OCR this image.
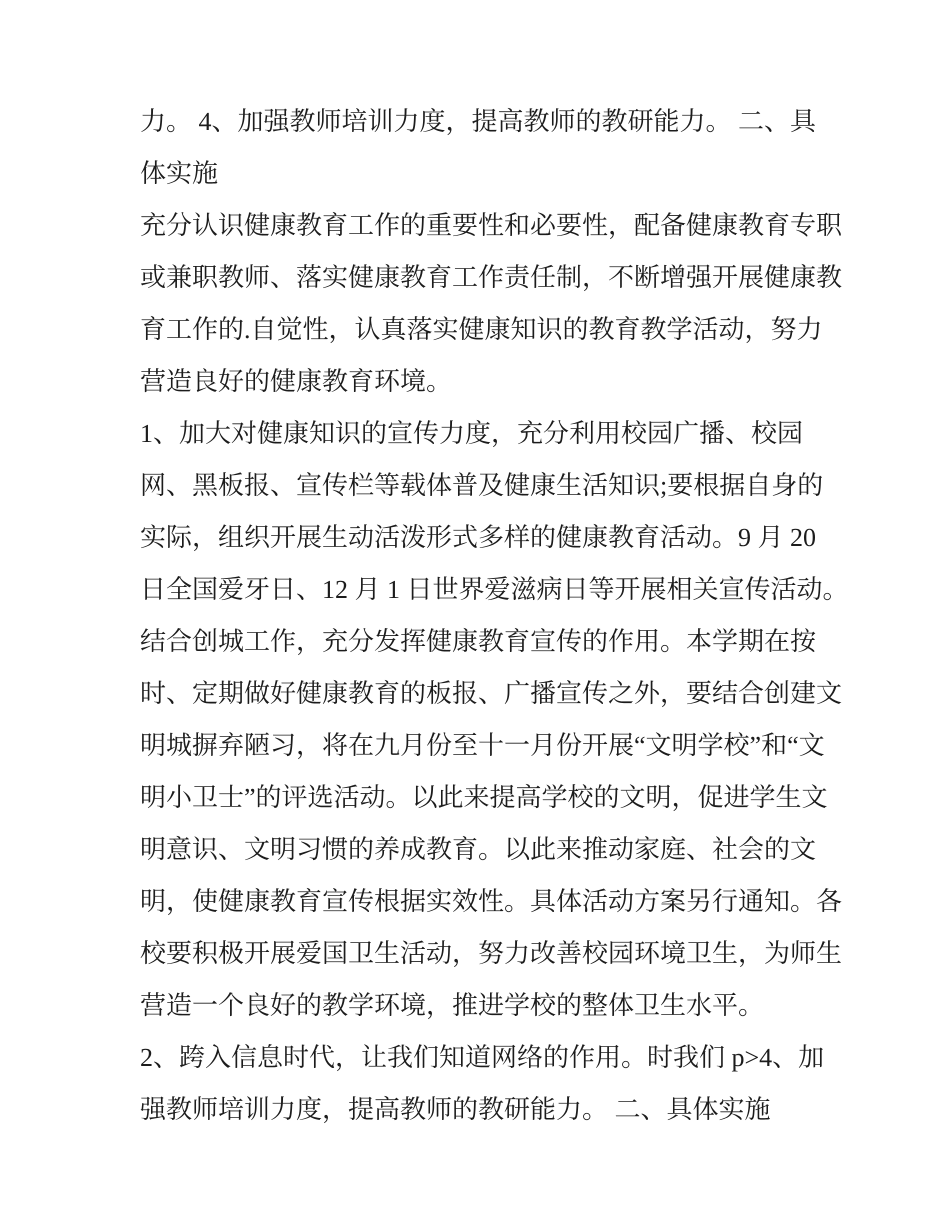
力。 4、加强教师培训力度，提高教师的教研能力。 二、具
体实施
充分认识健康教育工作的重要性和必要性，配备健康教育专职
或兼职教师、落实健康教育工作责任制，不断增强开展健康教
育工作的.自觉性，认真落实健康知识的教育教学活动，努力
营造良好的健康教育环境。
1、加大对健康知识的宣传力度，充分利用校园广播、校园
网、黑板报、宣传栏等载体普及健康生活知识;要根据自身的
实际，组织开展生动活泼形式多样的健康教育活动。9 月 20
日全国爱牙日、12 月 1 日世界爱滋病日等开展相关宣传活动。
结合创城工作，充分发挥健康教育宣传的作用。本学期在按
时、定期做好健康教育的板报、广播宣传之外，要结合创建文
明城摒弃陋习，将在九月份至十一月份开展“文明学校”和“文
明小卫士”的评选活动。以此来提高学校的文明，促进学生文
明意识、文明习惯的养成教育。以此来推动家庭、社会的文
明，使健康教育宣传根据实效性。具体活动方案另行通知。各
校要积极开展爱国卫生活动，努力改善校园环境卫生，为师生
营造一个良好的教学环境，推进学校的整体卫生水平。
2、跨入信息时代，让我们知道网络的作用。时我们 p>4、加
强教师培训力度，提高教师的教研能力。 二、具体实施
